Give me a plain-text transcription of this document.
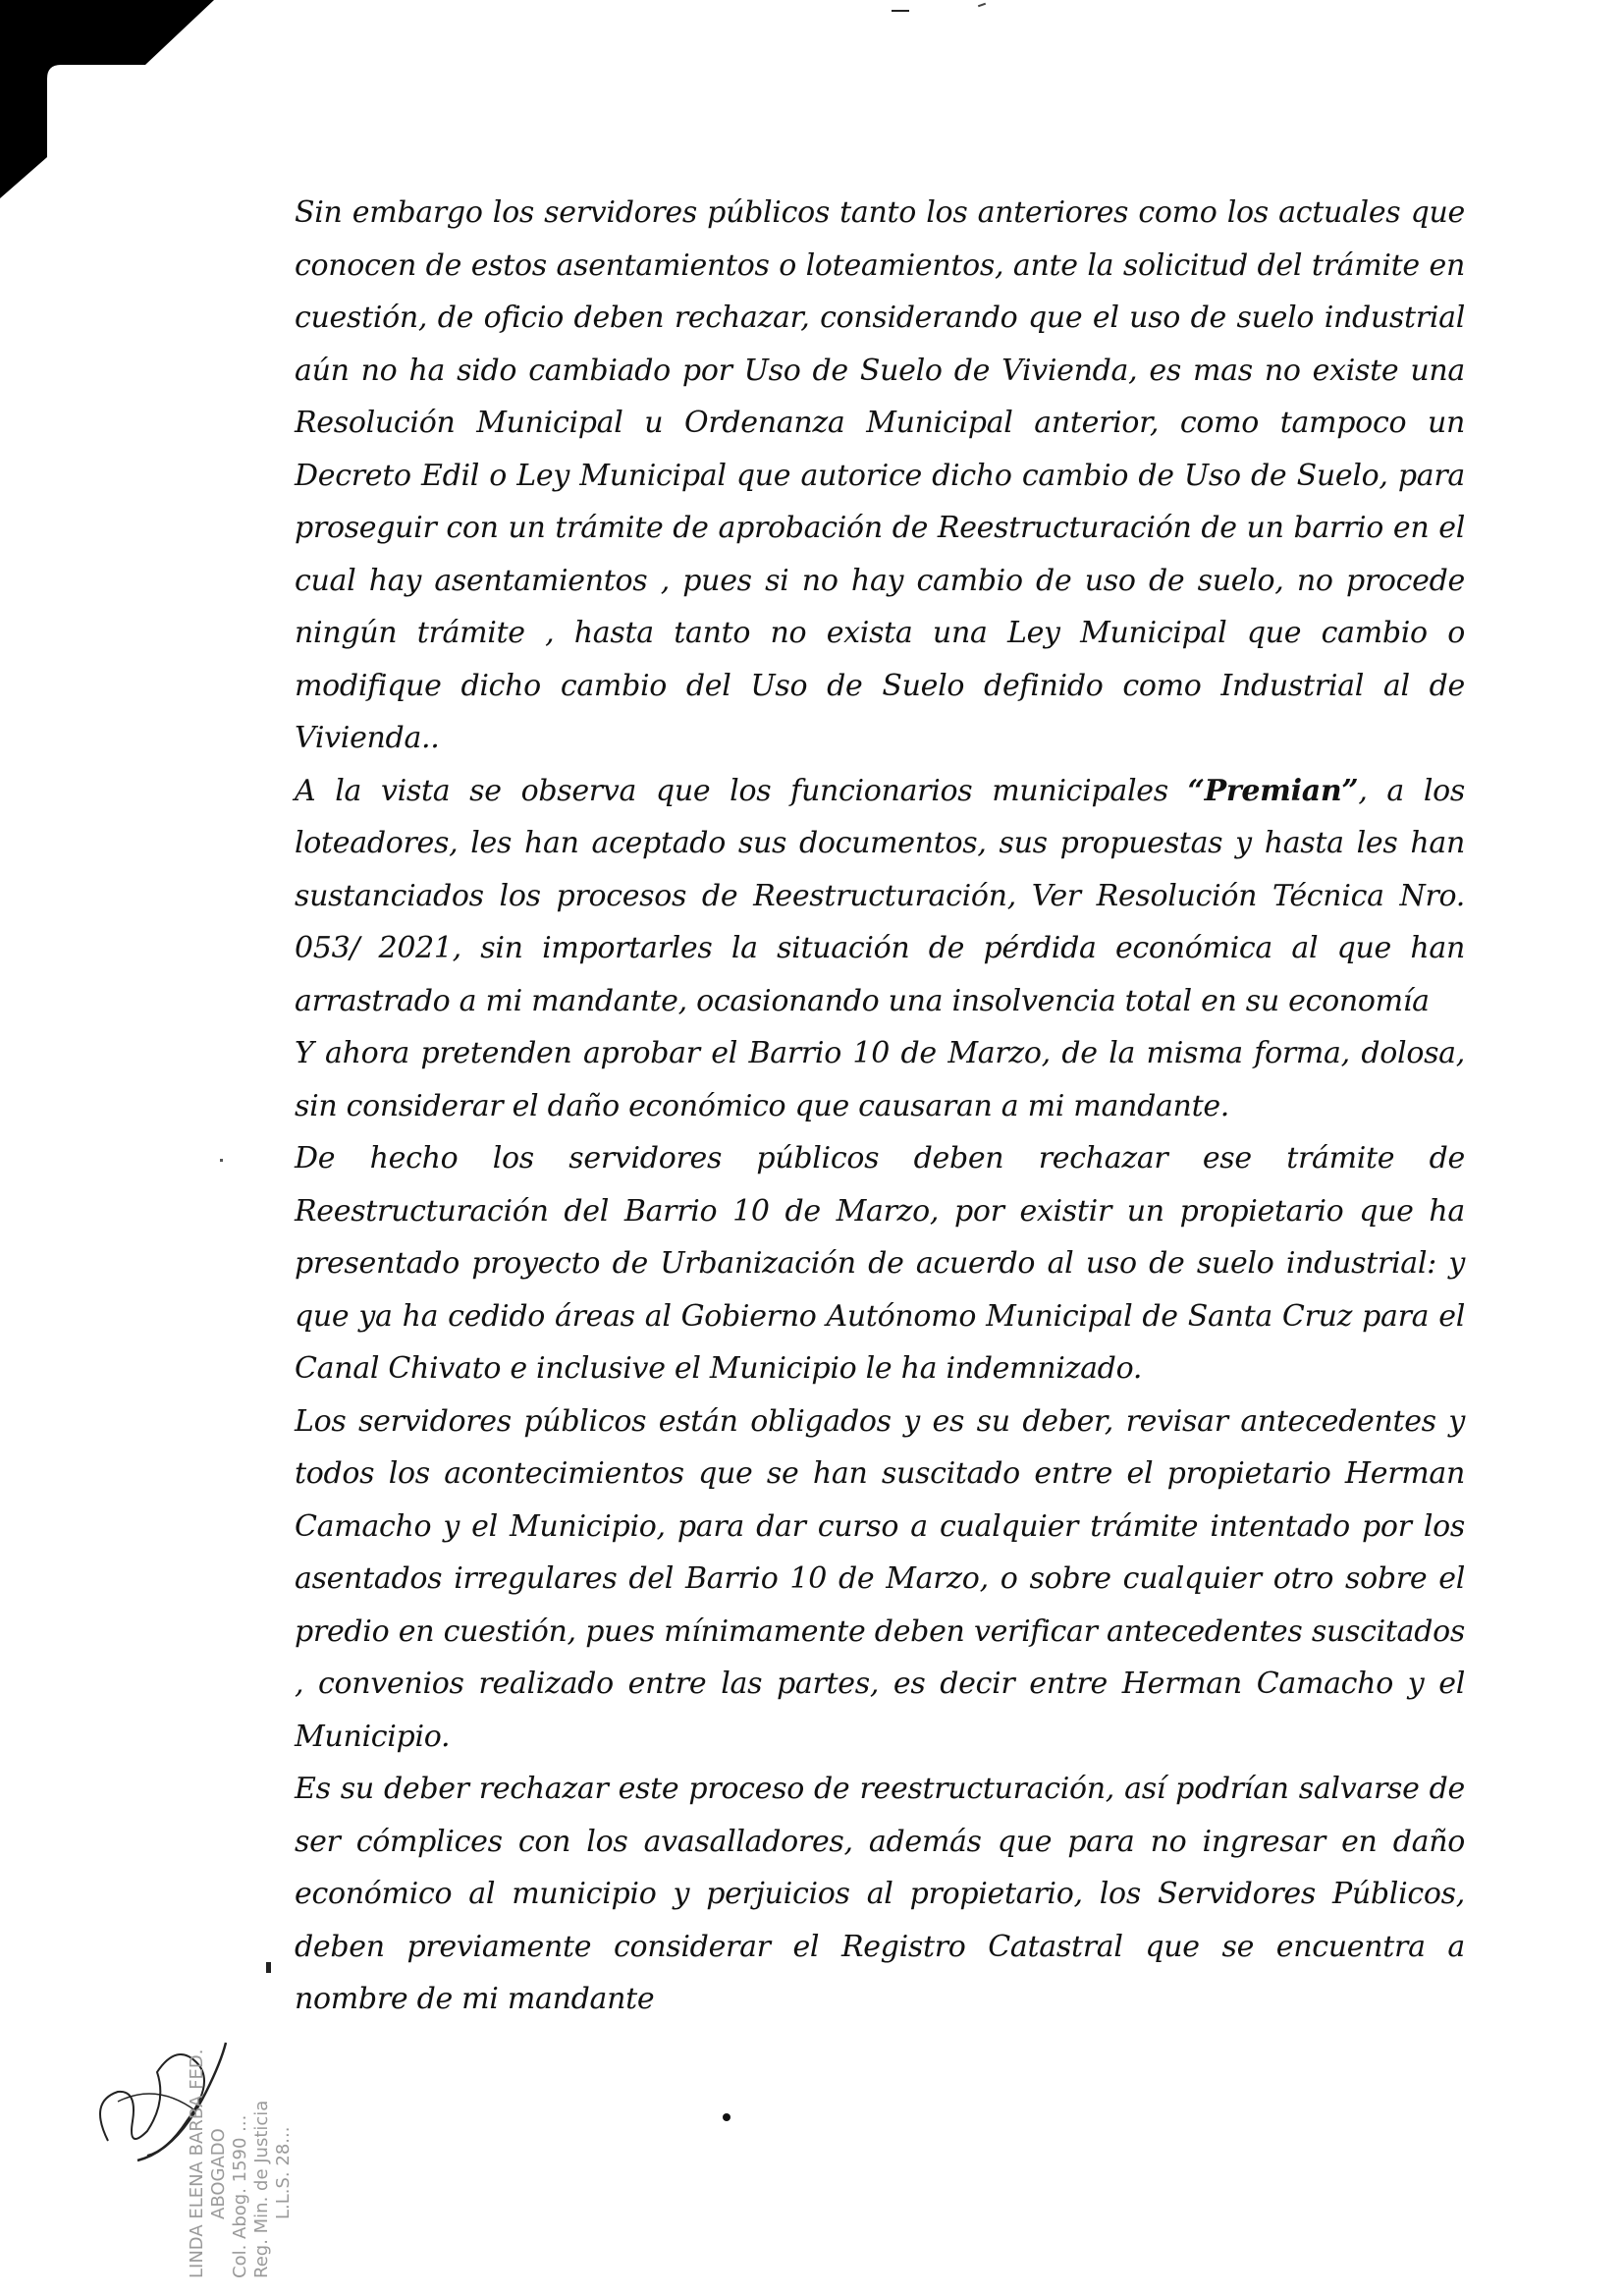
Sin embargo los servidores públicos tanto los anteriores como los actuales que conocen de estos asentamientos o loteamientos, ante la solicitud del trámite en cuestión, de oficio deben rechazar, considerando que el uso de suelo industrial aún no ha sido cambiado por Uso de Suelo de Vivienda, es mas no existe una Resolución Municipal u Ordenanza Municipal anterior, como tampoco un Decreto Edil o Ley Municipal que autorice dicho cambio de Uso de Suelo, para proseguir con un trámite de aprobación de Reestructuración de un barrio en el cual hay asentamientos , pues si no hay cambio de uso de suelo, no procede ningún trámite , hasta tanto no exista una Ley Municipal que cambio o modifique dicho cambio del Uso de Suelo definido como Industrial al de Vivienda..

A la vista se observa que los funcionarios municipales “Premian”, a los loteadores, les han aceptado sus documentos, sus propuestas y hasta les han sustanciados los procesos de Reestructuración, Ver Resolución Técnica Nro. 053/ 2021, sin importarles la situación de pérdida económica al que han arrastrado a mi mandante, ocasionando una insolvencia total en su economía

Y ahora pretenden aprobar el Barrio 10 de Marzo, de la misma forma, dolosa, sin considerar el daño económico que causaran a mi mandante.

De hecho los servidores públicos deben rechazar ese trámite de Reestructuración del Barrio 10 de Marzo, por existir un propietario que ha presentado proyecto de Urbanización de acuerdo al uso de suelo industrial: y que ya ha cedido áreas al Gobierno Autónomo Municipal de Santa Cruz para el Canal Chivato e inclusive el Municipio le ha indemnizado.

Los servidores públicos están obligados y es su deber, revisar antecedentes y todos los acontecimientos que se han suscitado entre el propietario Herman Camacho y el Municipio, para dar curso a cualquier trámite intentado por los asentados irregulares del Barrio 10 de Marzo, o sobre cualquier otro sobre el predio en cuestión, pues mínimamente deben verificar antecedentes suscitados , convenios realizado entre las partes, es decir entre Herman Camacho y el Municipio.

Es su deber rechazar este proceso de reestructuración, así podrían salvarse de ser cómplices con los avasalladores, además que para no ingresar en daño económico al municipio y perjuicios al propietario, los Servidores Públicos, deben previamente considerar el Registro Catastral que se encuentra a nombre de mi mandante

LINDA ELENA BARBA FED. ABOGADO Col. Abog. 1590 ... Reg. Min. de Justicia L.L.S. 28...
